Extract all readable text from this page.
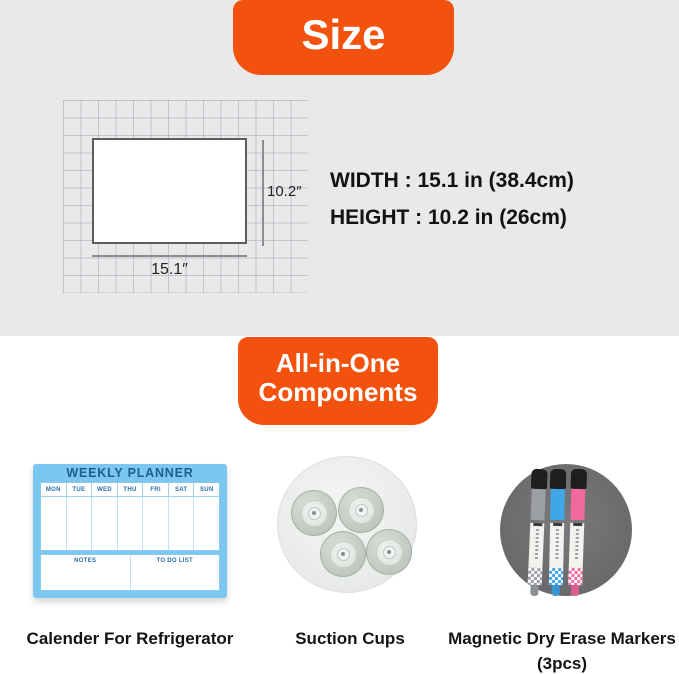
Size
10.2″
15.1″
WIDTH : 15.1 in (38.4cm)
HEIGHT : 10.2 in (26cm)
All-in-One
Components
WEEKLY PLANNER
MON	TUE	WED	THU	FRI	SAT	SUN
NOTES	TO DO LIST
Calender For Refrigerator	Suction Cups	Magnetic Dry Erase Markers
(3pcs)
